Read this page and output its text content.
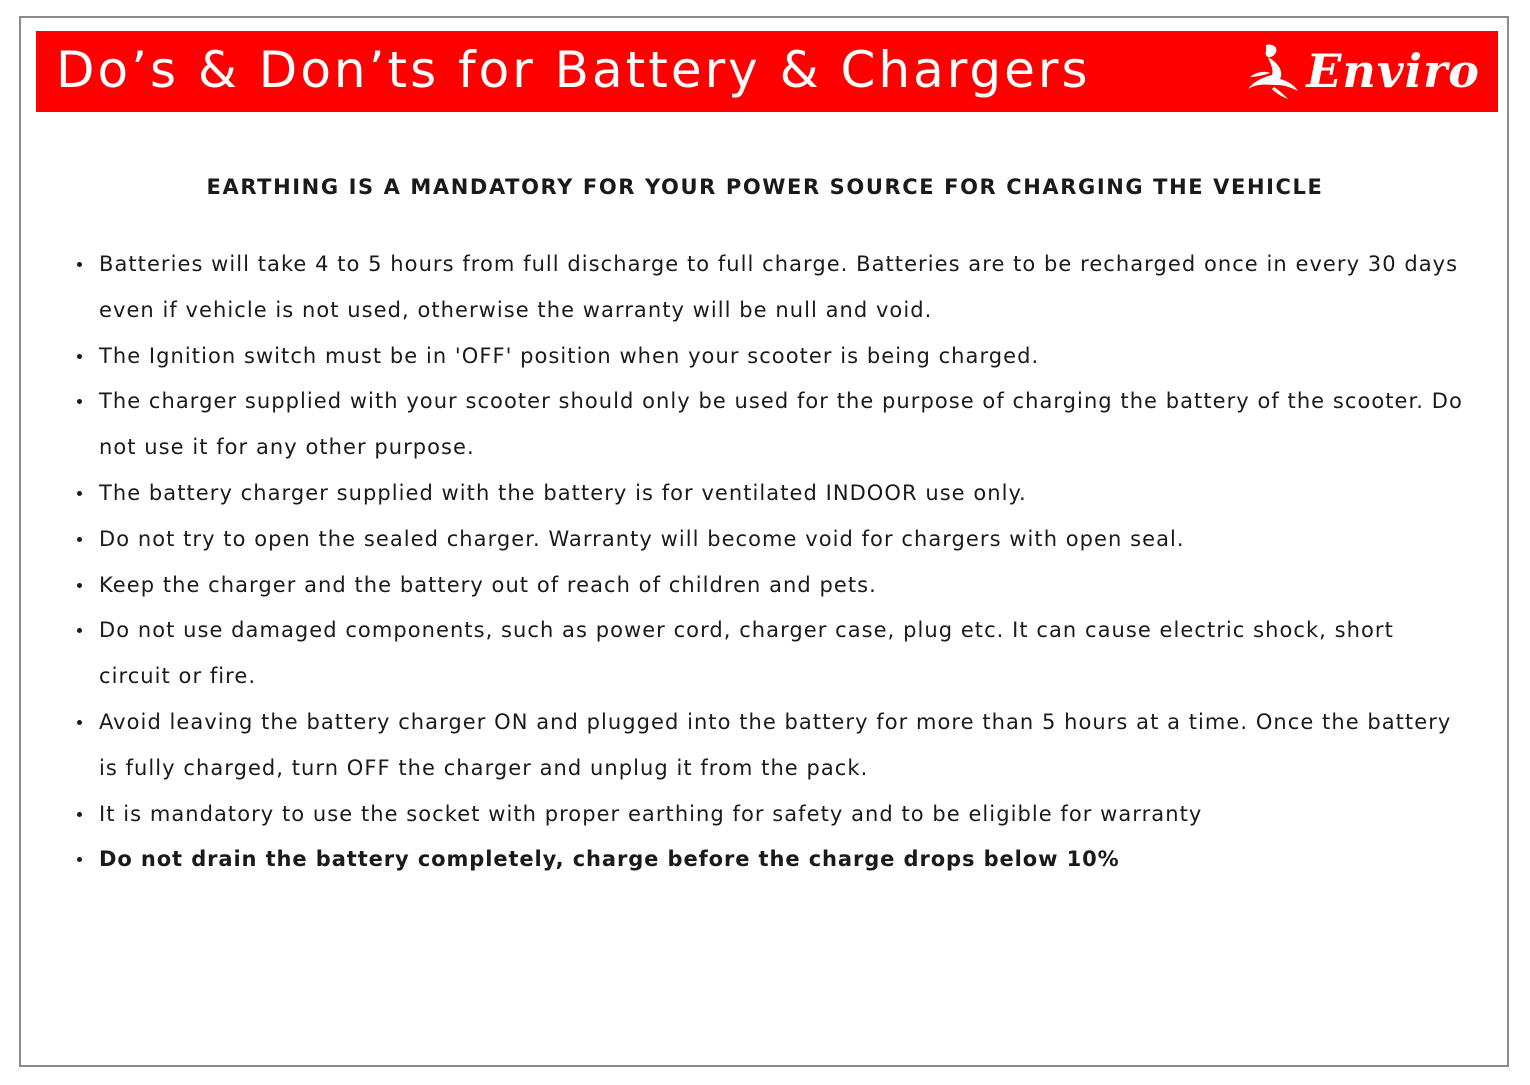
Do’s & Don’ts for Battery & Chargers	Enviro
EARTHING IS A MANDATORY FOR YOUR POWER SOURCE FOR CHARGING THE VEHICLE
Batteries will take 4 to 5 hours from full discharge to full charge. Batteries are to be recharged once in every 30 days even if vehicle is not used, otherwise the warranty will be null and void.
The Ignition switch must be in 'OFF' position when your scooter is being charged.
The charger supplied with your scooter should only be used for the purpose of charging the battery of the scooter. Do not use it for any other purpose.
The battery charger supplied with the battery is for ventilated INDOOR use only.
Do not try to open the sealed charger. Warranty will become void for chargers with open seal.
Keep the charger and the battery out of reach of children and pets.
Do not use damaged components, such as power cord, charger case, plug etc. It can cause electric shock, short circuit or fire.
Avoid leaving the battery charger ON and plugged into the battery for more than 5 hours at a time. Once the battery is fully charged, turn OFF the charger and unplug it from the pack.
It is mandatory to use the socket with proper earthing for safety and to be eligible for warranty
Do not drain the battery completely, charge before the charge drops below 10%
